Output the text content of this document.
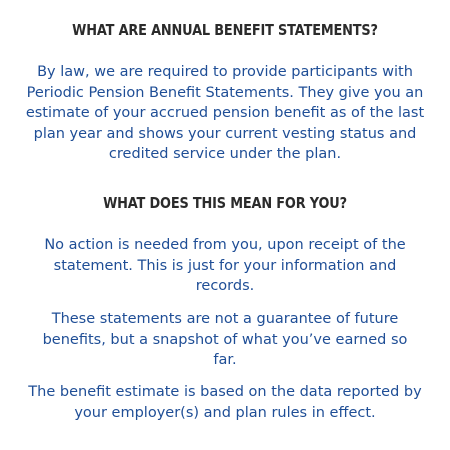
WHAT ARE ANNUAL BENEFIT STATEMENTS?

By law, we are required to provide participants with Periodic Pension Benefit Statements. They give you an estimate of your accrued pension benefit as of the last plan year and shows your current vesting status and credited service under the plan.

WHAT DOES THIS MEAN FOR YOU?

No action is needed from you, upon receipt of the statement. This is just for your information and records.

These statements are not a guarantee of future benefits, but a snapshot of what you’ve earned so far.

The benefit estimate is based on the data reported by your employer(s) and plan rules in effect.
